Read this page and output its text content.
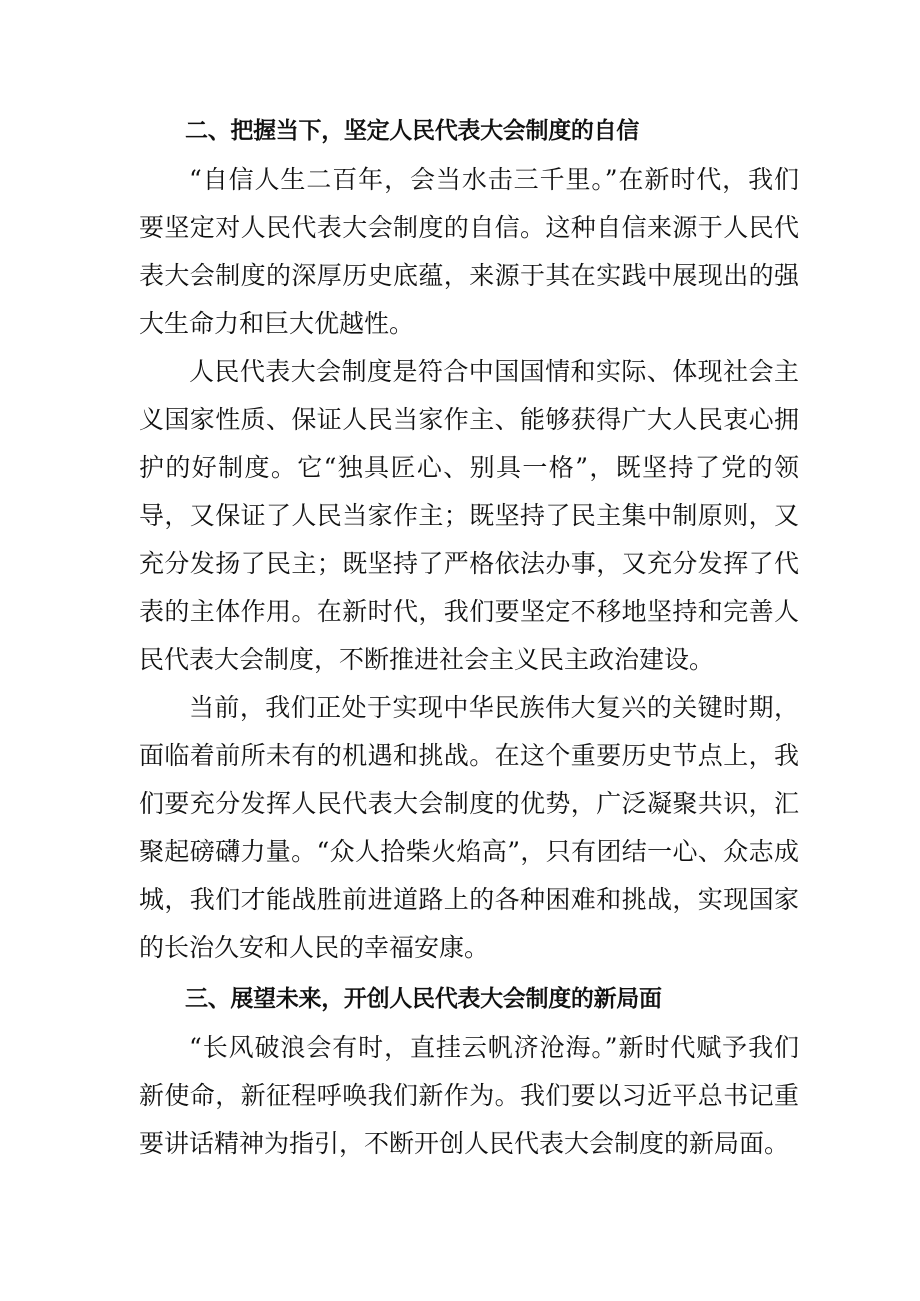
二、把握当下，坚定人民代表大会制度的自信

“自信人生二百年，会当水击三千里。”在新时代，我们要坚定对人民代表大会制度的自信。这种自信来源于人民代表大会制度的深厚历史底蕴，来源于其在实践中展现出的强大生命力和巨大优越性。

人民代表大会制度是符合中国国情和实际、体现社会主义国家性质、保证人民当家作主、能够获得广大人民衷心拥护的好制度。它“独具匠心、别具一格”，既坚持了党的领导，又保证了人民当家作主；既坚持了民主集中制原则，又充分发扬了民主；既坚持了严格依法办事，又充分发挥了代表的主体作用。在新时代，我们要坚定不移地坚持和完善人民代表大会制度，不断推进社会主义民主政治建设。

当前，我们正处于实现中华民族伟大复兴的关键时期，面临着前所未有的机遇和挑战。在这个重要历史节点上，我们要充分发挥人民代表大会制度的优势，广泛凝聚共识，汇聚起磅礴力量。“众人拾柴火焰高”，只有团结一心、众志成城，我们才能战胜前进道路上的各种困难和挑战，实现国家的长治久安和人民的幸福安康。

三、展望未来，开创人民代表大会制度的新局面

“长风破浪会有时，直挂云帆济沧海。”新时代赋予我们新使命，新征程呼唤我们新作为。我们要以习近平总书记重要讲话精神为指引，不断开创人民代表大会制度的新局面。
